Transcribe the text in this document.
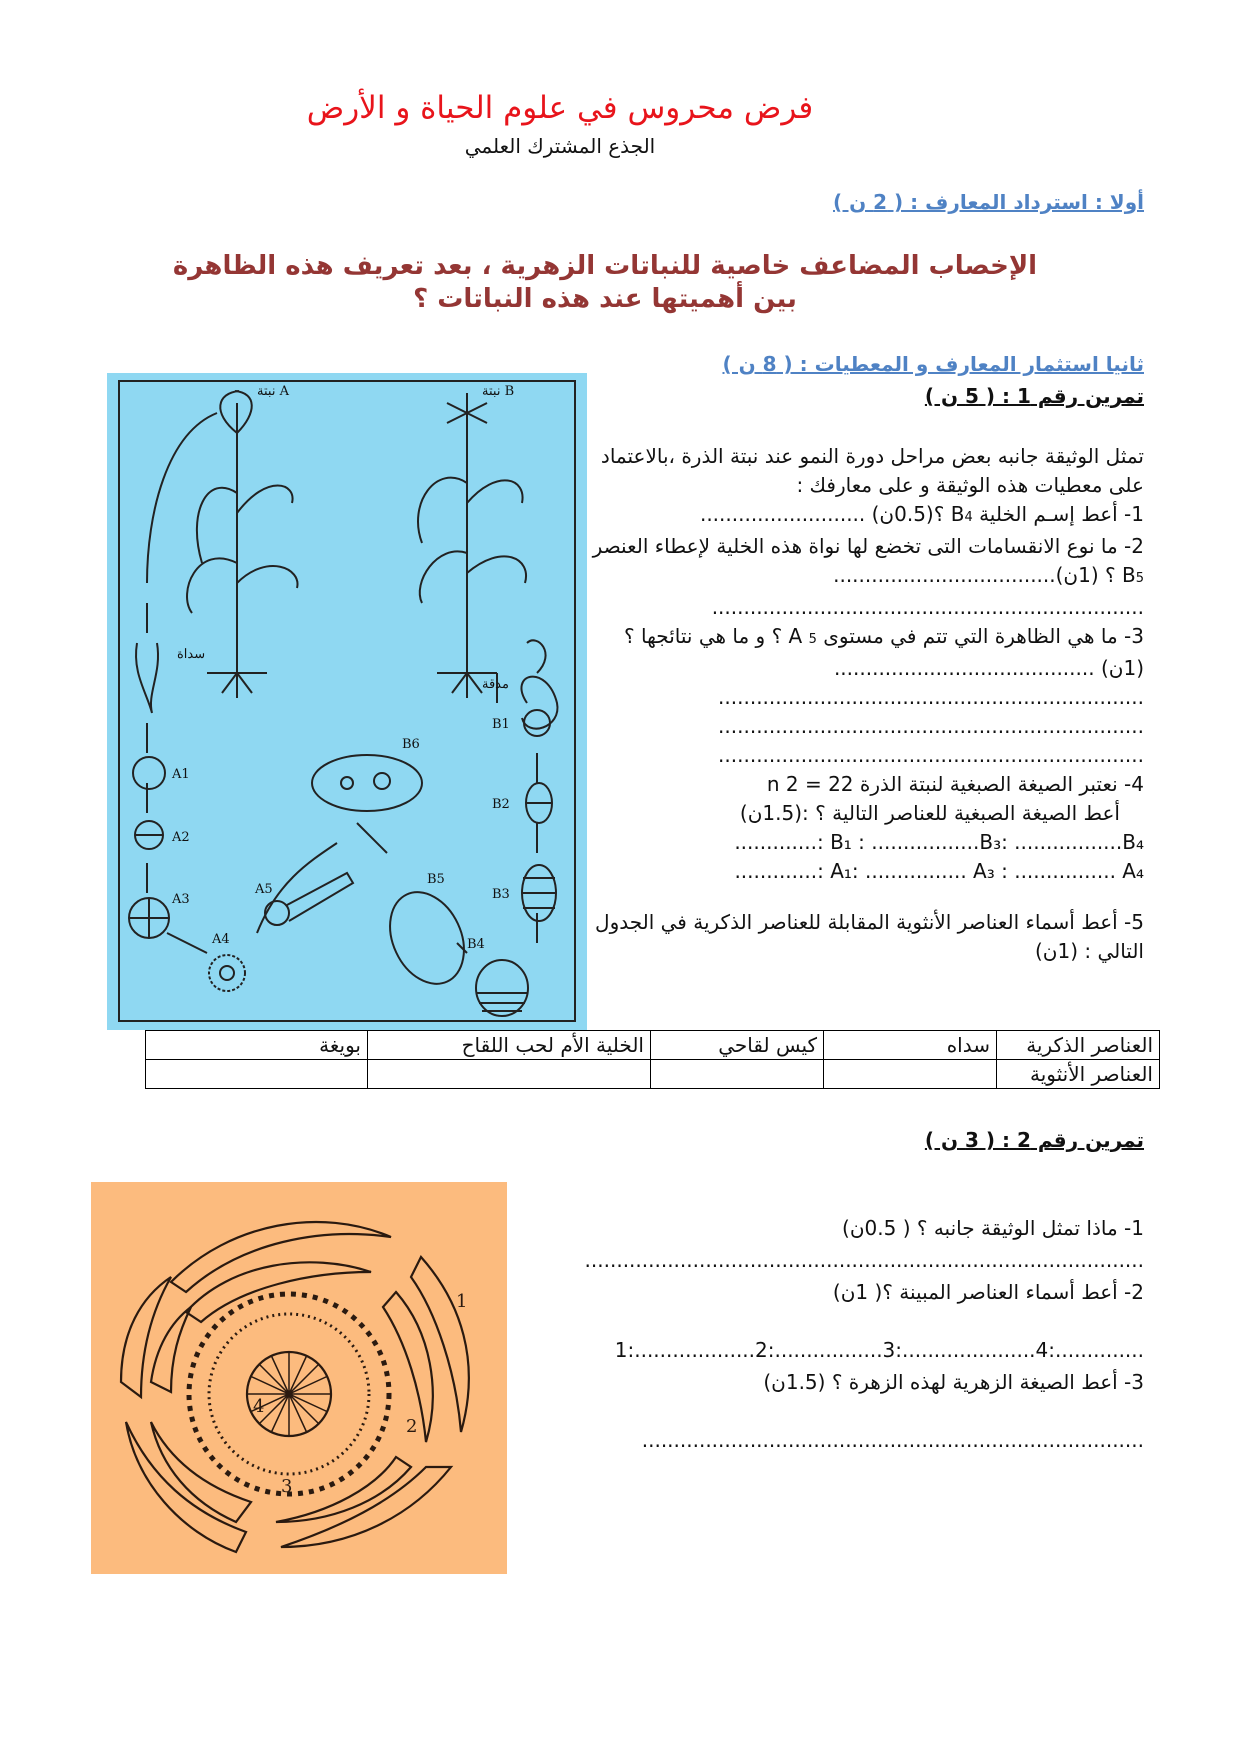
فرض محروس في علوم الحياة و الأرض
الجذع المشترك العلمي
أولا : استرداد المعارف : ( 2 ن )
الإخصاب المضاعف خاصية للنباتات الزهرية ، بعد تعريف هذه الظاهرة
بين أهميتها عند هذه النباتات ؟
ثانيا استثمار المعارف و المعطيات : ( 8 ن )
تمرين رقم 1 : ( 5 ن )

تمثل الوثيقة جانبه بعض مراحل دورة النمو عند نبتة الذرة ،بالاعتماد على معطيات هذه الوثيقة و على معارفك :

1- أعط إسـم الخلية B4 ؟(0.5ن) ..........................

2- ما نوع الانقسامات التى تخضع لها نواة هذه الخلية لإعطاء العنصر B5 ؟ (1ن)...................................

....................................................................

3- ما هي الظاهرة التي تتم في مستوى A 5 ؟ و ما هي نتائجها ؟(1ن) .........................................

...................................................................

...................................................................

...................................................................

4- نعتبر الصيغة الصبغية لنبتة الذرة 22 = 2 n

أعط الصيغة الصبغية للعناصر التالية ؟ :(1.5ن)

B₁ : .................B₃: .................B₄ :.............

A₁: ................ A₃ : ................ A₄ :.............

5- أعط أسماء العناصر الأنثوية المقابلة للعناصر الذكرية في الجدول التالي : (1ن)

نبتة A	نبتة B
سداة
مدقة
A1
A2
A3
A4
A5
B1
B2
B3
B4
B5
B6
العناصر الذكرية	سداه	كيس لقاحي	الخلية الأم لحب اللقاح	بويغة
العناصر الأنثوية				
تمرين رقم 2 : ( 3 ن )
1
2
3
4

1- ماذا تمثل الوثيقة جانبه ؟ ( 0.5ن)

........................................................................................

2- أعط أسماء العناصر المبينة ؟( 1ن)

1:...................2:.................3:.....................4:..............

3- أعط الصيغة الزهرية لهذه الزهرة ؟ (1.5ن)

...............................................................................
